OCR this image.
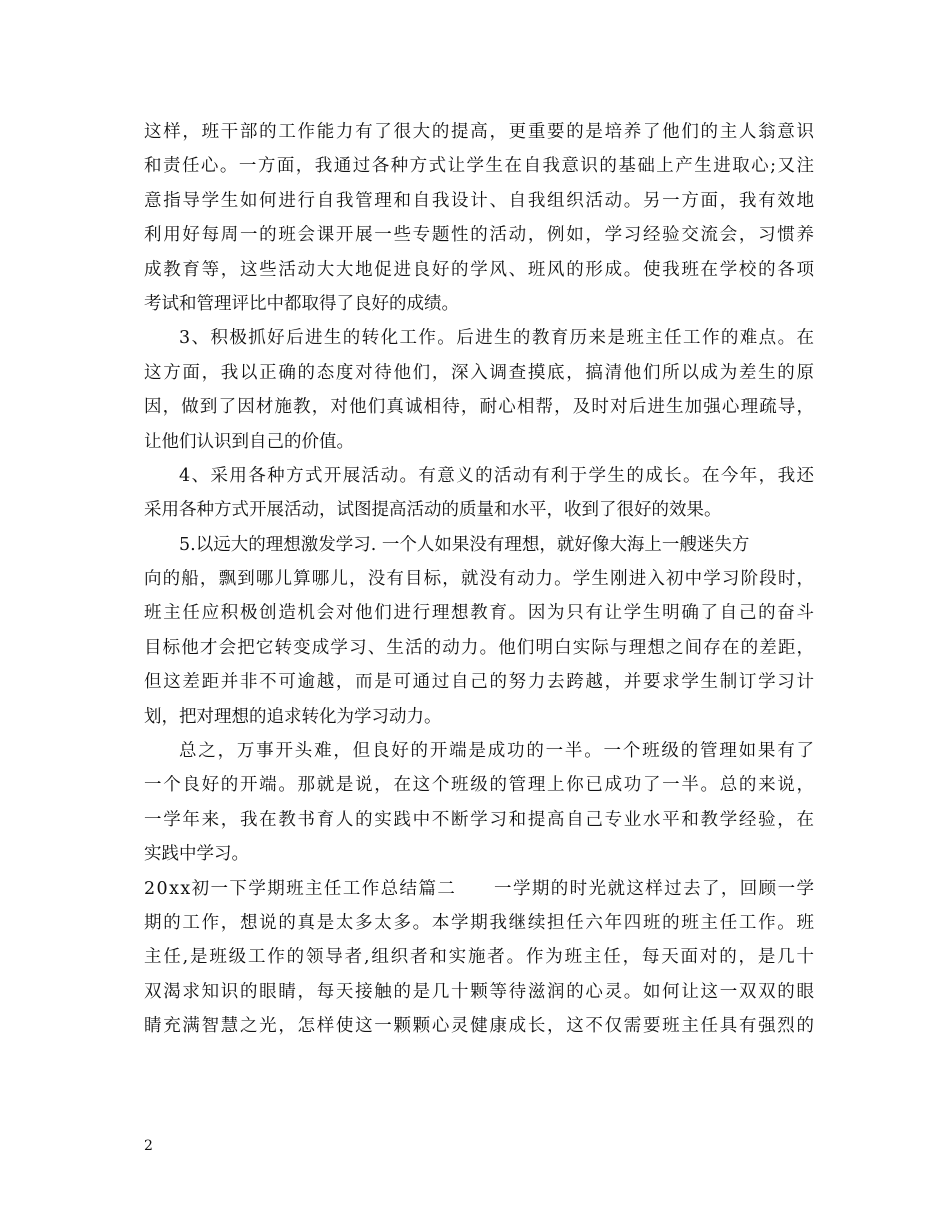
这样，班干部的工作能力有了很大的提高，更重要的是培养了他们的主人翁意识
和责任心。一方面，我通过各种方式让学生在自我意识的基础上产生进取心;又注
意指导学生如何进行自我管理和自我设计、自我组织活动。另一方面，我有效地
利用好每周一的班会课开展一些专题性的活动，例如，学习经验交流会，习惯养
成教育等，这些活动大大地促进良好的学风、班风的形成。使我班在学校的各项
考试和管理评比中都取得了良好的成绩。
3、积极抓好后进生的转化工作。后进生的教育历来是班主任工作的难点。在
这方面，我以正确的态度对待他们，深入调查摸底，搞清他们所以成为差生的原
因，做到了因材施教，对他们真诚相待，耐心相帮，及时对后进生加强心理疏导，
让他们认识到自己的价值。
4、采用各种方式开展活动。有意义的活动有利于学生的成长。在今年，我还
采用各种方式开展活动，试图提高活动的质量和水平，收到了很好的效果。
5.以远大的理想激发学习. 一个人如果没有理想，就好像大海上一艘迷失方
向的船，飘到哪儿算哪儿，没有目标，就没有动力。学生刚进入初中学习阶段时，
班主任应积极创造机会对他们进行理想教育。因为只有让学生明确了自己的奋斗
目标他才会把它转变成学习、生活的动力。他们明白实际与理想之间存在的差距，
但这差距并非不可逾越，而是可通过自己的努力去跨越，并要求学生制订学习计
划，把对理想的追求转化为学习动力。
总之，万事开头难，但良好的开端是成功的一半。一个班级的管理如果有了
一个良好的开端。那就是说，在这个班级的管理上你已成功了一半。总的来说，
一学年来，我在教书育人的实践中不断学习和提高自己专业水平和教学经验，在
实践中学习。
20xx初一下学期班主任工作总结篇二　　一学期的时光就这样过去了，回顾一学
期的工作，想说的真是太多太多。本学期我继续担任六年四班的班主任工作。班
主任,是班级工作的领导者,组织者和实施者。作为班主任，每天面对的，是几十
双渴求知识的眼睛，每天接触的是几十颗等待滋润的心灵。如何让这一双双的眼
睛充满智慧之光，怎样使这一颗颗心灵健康成长，这不仅需要班主任具有强烈的
2
